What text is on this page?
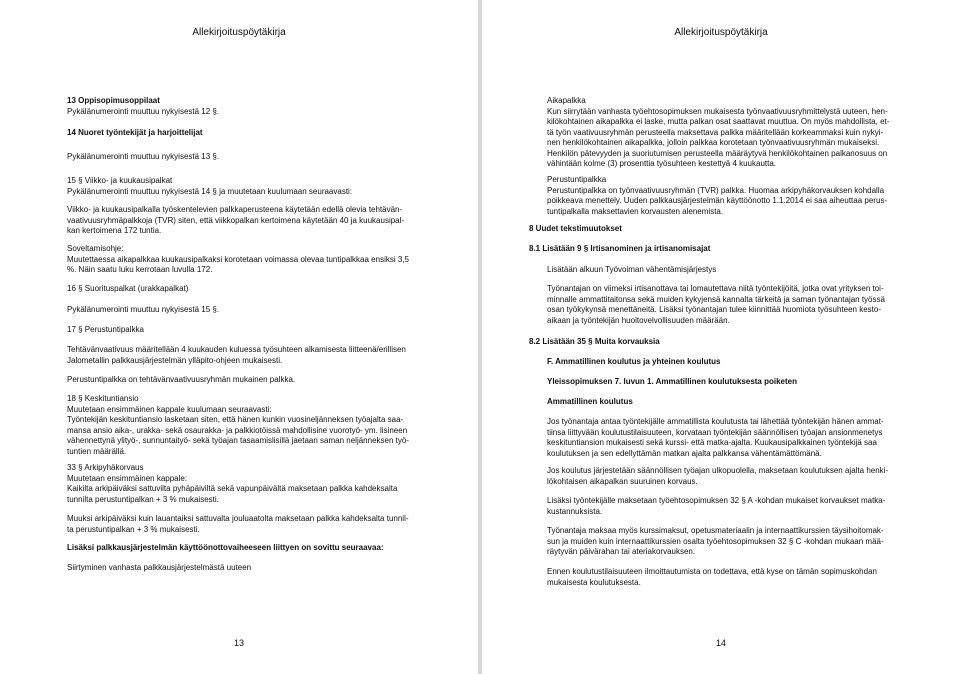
Allekirjoituspöytäkirja

13 Oppisopimusoppilaat

Pykälänumerointi muuttuu nykyisestä 12 §.

14 Nuoret työntekijät ja harjoittelijat

Pykälänumerointi muuttuu nykyisestä 13 §.

15 § Viikko- ja kuukausipalkat
Pykälänumerointi muuttuu nykyisestä 14 § ja muutetaan kuulumaan seuraavasti:

Viikko- ja kuukausipalkalla työskentelevien palkkaperusteena käytetään edellä olevia tehtävän-
vaativuusryhmäpalkkoja (TVR) siten, että viikkopalkan kertoimena käytetään 40 ja kuukausipal-
kan kertoimena 172 tuntia.

Soveltamisohje:
Muutettaessa aikapalkkaa kuukausipalkaksi korotetaan voimassa olevaa tuntipalkkaa ensiksi 3,5
%. Näin saatu luku kerrotaan luvulla 172.

16 § Suorituspalkat (urakkapalkat)

Pykälänumerointi muuttuu nykyisestä 15 §.

17 § Perustuntipalkka

Tehtävänvaativuus määritellään 4 kuukauden kuluessa työsuhteen alkamisesta liitteenä/erillisen
Jalometallin palkkausjärjestelmän ylläpito-ohjeen mukaisesti.

Perustuntipalkka on tehtävänvaativuusryhmän mukainen palkka.

18 § Keskituntiansio
Muutetaan ensimmäinen kappale kuulumaan seuraavasti:
Työntekijän keskituntiansio lasketaan siten, että hänen kunkin vuosineljänneksen työajalta saa-
mansa ansio aika-, urakka- sekä osaurakka- ja palkkiotöissä mahdollisine vuorotyö- ym. lisineen
vähennettynä ylityö-, sunnuntaityö- sekä työajan tasaamislisillä jaetaan saman neljänneksen työ-
tuntien määrällä.

33 § Arkipyhäkorvaus
Muutetaan ensimmäinen kappale:
Kaikilta arkipäiväksi sattuvilta pyhäpäiviltä sekä vapunpäivältä maksetaan palkka kahdeksalta
tunnilta perustuntipalkan + 3 % mukaisesti.

Muuksi arkipäiväksi kuin lauantaiksi sattuvalta jouluaatolta maksetaan palkka kahdeksalta tunnil-
ta perustuntipalkan + 3 % mukaisesti.

Lisäksi palkkausjärjestelmän käyttöönottovaiheeseen liittyen on sovittu seuraavaa:

Siirtyminen vanhasta palkkausjärjestelmästä uuteen

13
Allekirjoituspöytäkirja

Aikapalkka
Kun siirrytään vanhasta työehtosopimuksen mukaisesta työnvaativuusryhmittelystä uuteen, hen-
kilökohtainen aikapalkka ei laske, mutta palkan osat saattavat muuttua. On myös mahdollista, et-
tä työn vaativuusryhmän perusteella maksettava palkka määritellään korkeammaksi kuin nykyi-
nen henkilökohtainen aikapalkka, jolloin palkkaa korotetaan työnvaativuusryhmän mukaiseksi.
Henkilön pätevyyden ja suoriutumisen perusteella määräytyvä henkilökohtainen palkanosuus on
vähintään kolme (3) prosenttia työsuhteen kestettyä 4 kuukautta.

Perustuntipalkka
Perustuntipalkka on työnvaativuusryhmän (TVR) palkka. Huomaa arkipyhäkorvauksen kohdalla
poikkeava menettely. Uuden palkkausjärjestelmän käyttöönotto 1.1.2014 ei saa aiheuttaa perus-
tuntipalkalla maksettavien korvausten alenemista.

8 Uudet tekstimuutokset

8.1 Lisätään 9 § Irtisanominen ja irtisanomisajat

Lisätään alkuun Työvoiman vähentämisjärjestys

Työnantajan on viimeksi irtisanottava tai lomautettava niitä työntekijöitä, jotka ovat yrityksen toi-
minnalle ammattitaitonsa sekä muiden kykyjensä kannalta tärkeitä ja saman työnantajan työssä
osan työkykynsä menettäneitä. Lisäksi työnantajan tulee kiinnittää huomiota työsuhteen kesto-
aikaan ja työntekijän huoltovelvollisuuden määrään.

8.2 Lisätään 35 § Muita korvauksia

F. Ammatillinen koulutus ja yhteinen koulutus

Yleissopimuksen 7. luvun 1. Ammatillinen koulutuksesta poiketen

Ammatillinen koulutus

Jos työnantaja antaa työntekijälle ammatillista koulutusta tai lähettää työntekijän hänen ammat-
tiinsa liittyvään koulutustilaisuuteen, korvataan työntekijän säännöllisen työajan ansionmenetys
keskituntiansion mukaisesti sekä kurssi- että matka-ajalta. Kuukausipalkkainen työntekijä saa
koulutuksen ja sen edellyttämän matkan ajalta palkkansa vähentämättömänä.

Jos koulutus järjestetään säännöllisen työajan ulkopuolella, maksetaan koulutuksen ajalta henki-
lökohtaisen aikapalkan suuruinen korvaus.

Lisäksi työntekijälle maksetaan työehtosopimuksen 32 § A -kohdan mukaiset korvaukset matka-
kustannuksista.

Työnantaja maksaa myös kurssimaksut, opetusmateriaalin ja internaattikurssien täysihoitomak-
sun ja muiden kuin internaattikurssien osalta työehtosopimuksen 32 § C -kohdan mukaan mää-
räytyvän päivärahan tai ateriakorvauksen.

Ennen koulutustilaisuuteen ilmoittautumista on todettava, että kyse on tämän sopimuskohdan
mukaisesta koulutuksesta.

14
